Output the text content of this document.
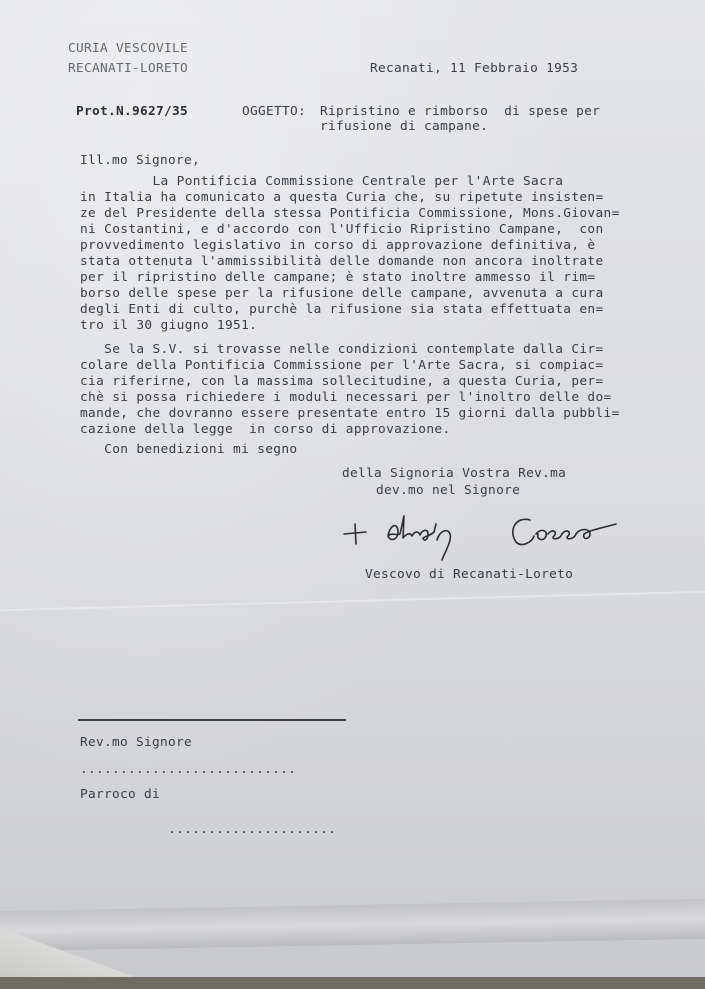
CURIA VESCOVILE

RECANATI-LORETO	Recanati, 11 Febbraio 1953

Prot.N.9627/35	OGGETTO: Ripristino e rimborso  di spese per

rifusione di campane.

Ill.mo Signore,

La Pontificia Commissione Centrale per l'Arte Sacra

in Italia ha comunicato a questa Curia che, su ripetute insisten=

ze del Presidente della stessa Pontificia Commissione, Mons.Giovan=

ni Costantini, e d'accordo con l'Ufficio Ripristino Campane,  con

provvedimento legislativo in corso di approvazione definitiva, è

stata ottenuta l'ammissibilità delle domande non ancora inoltrate

per il ripristino delle campane; è stato inoltre ammesso il rim=

borso delle spese per la rifusione delle campane, avvenuta a cura

degli Enti di culto, purchè la rifusione sia stata effettuata en=

tro il 30 giugno 1951.

Se la S.V. si trovasse nelle condizioni contemplate dalla Cir=

colare della Pontificia Commissione per l'Arte Sacra, si compiac=

cia riferirne, con la massima sollecitudine, a questa Curia, per=

chè si possa richiedere i moduli necessari per l'inoltro delle do=

mande, che dovranno essere presentate entro 15 giorni dalla pubbli=

cazione della legge  in corso di approvazione.

Con benedizioni mi segno

della Signoria Vostra Rev.ma

dev.mo nel Signore

Vescovo di Recanati-Loreto

Rev.mo Signore

...........................

Parroco di

.....................
